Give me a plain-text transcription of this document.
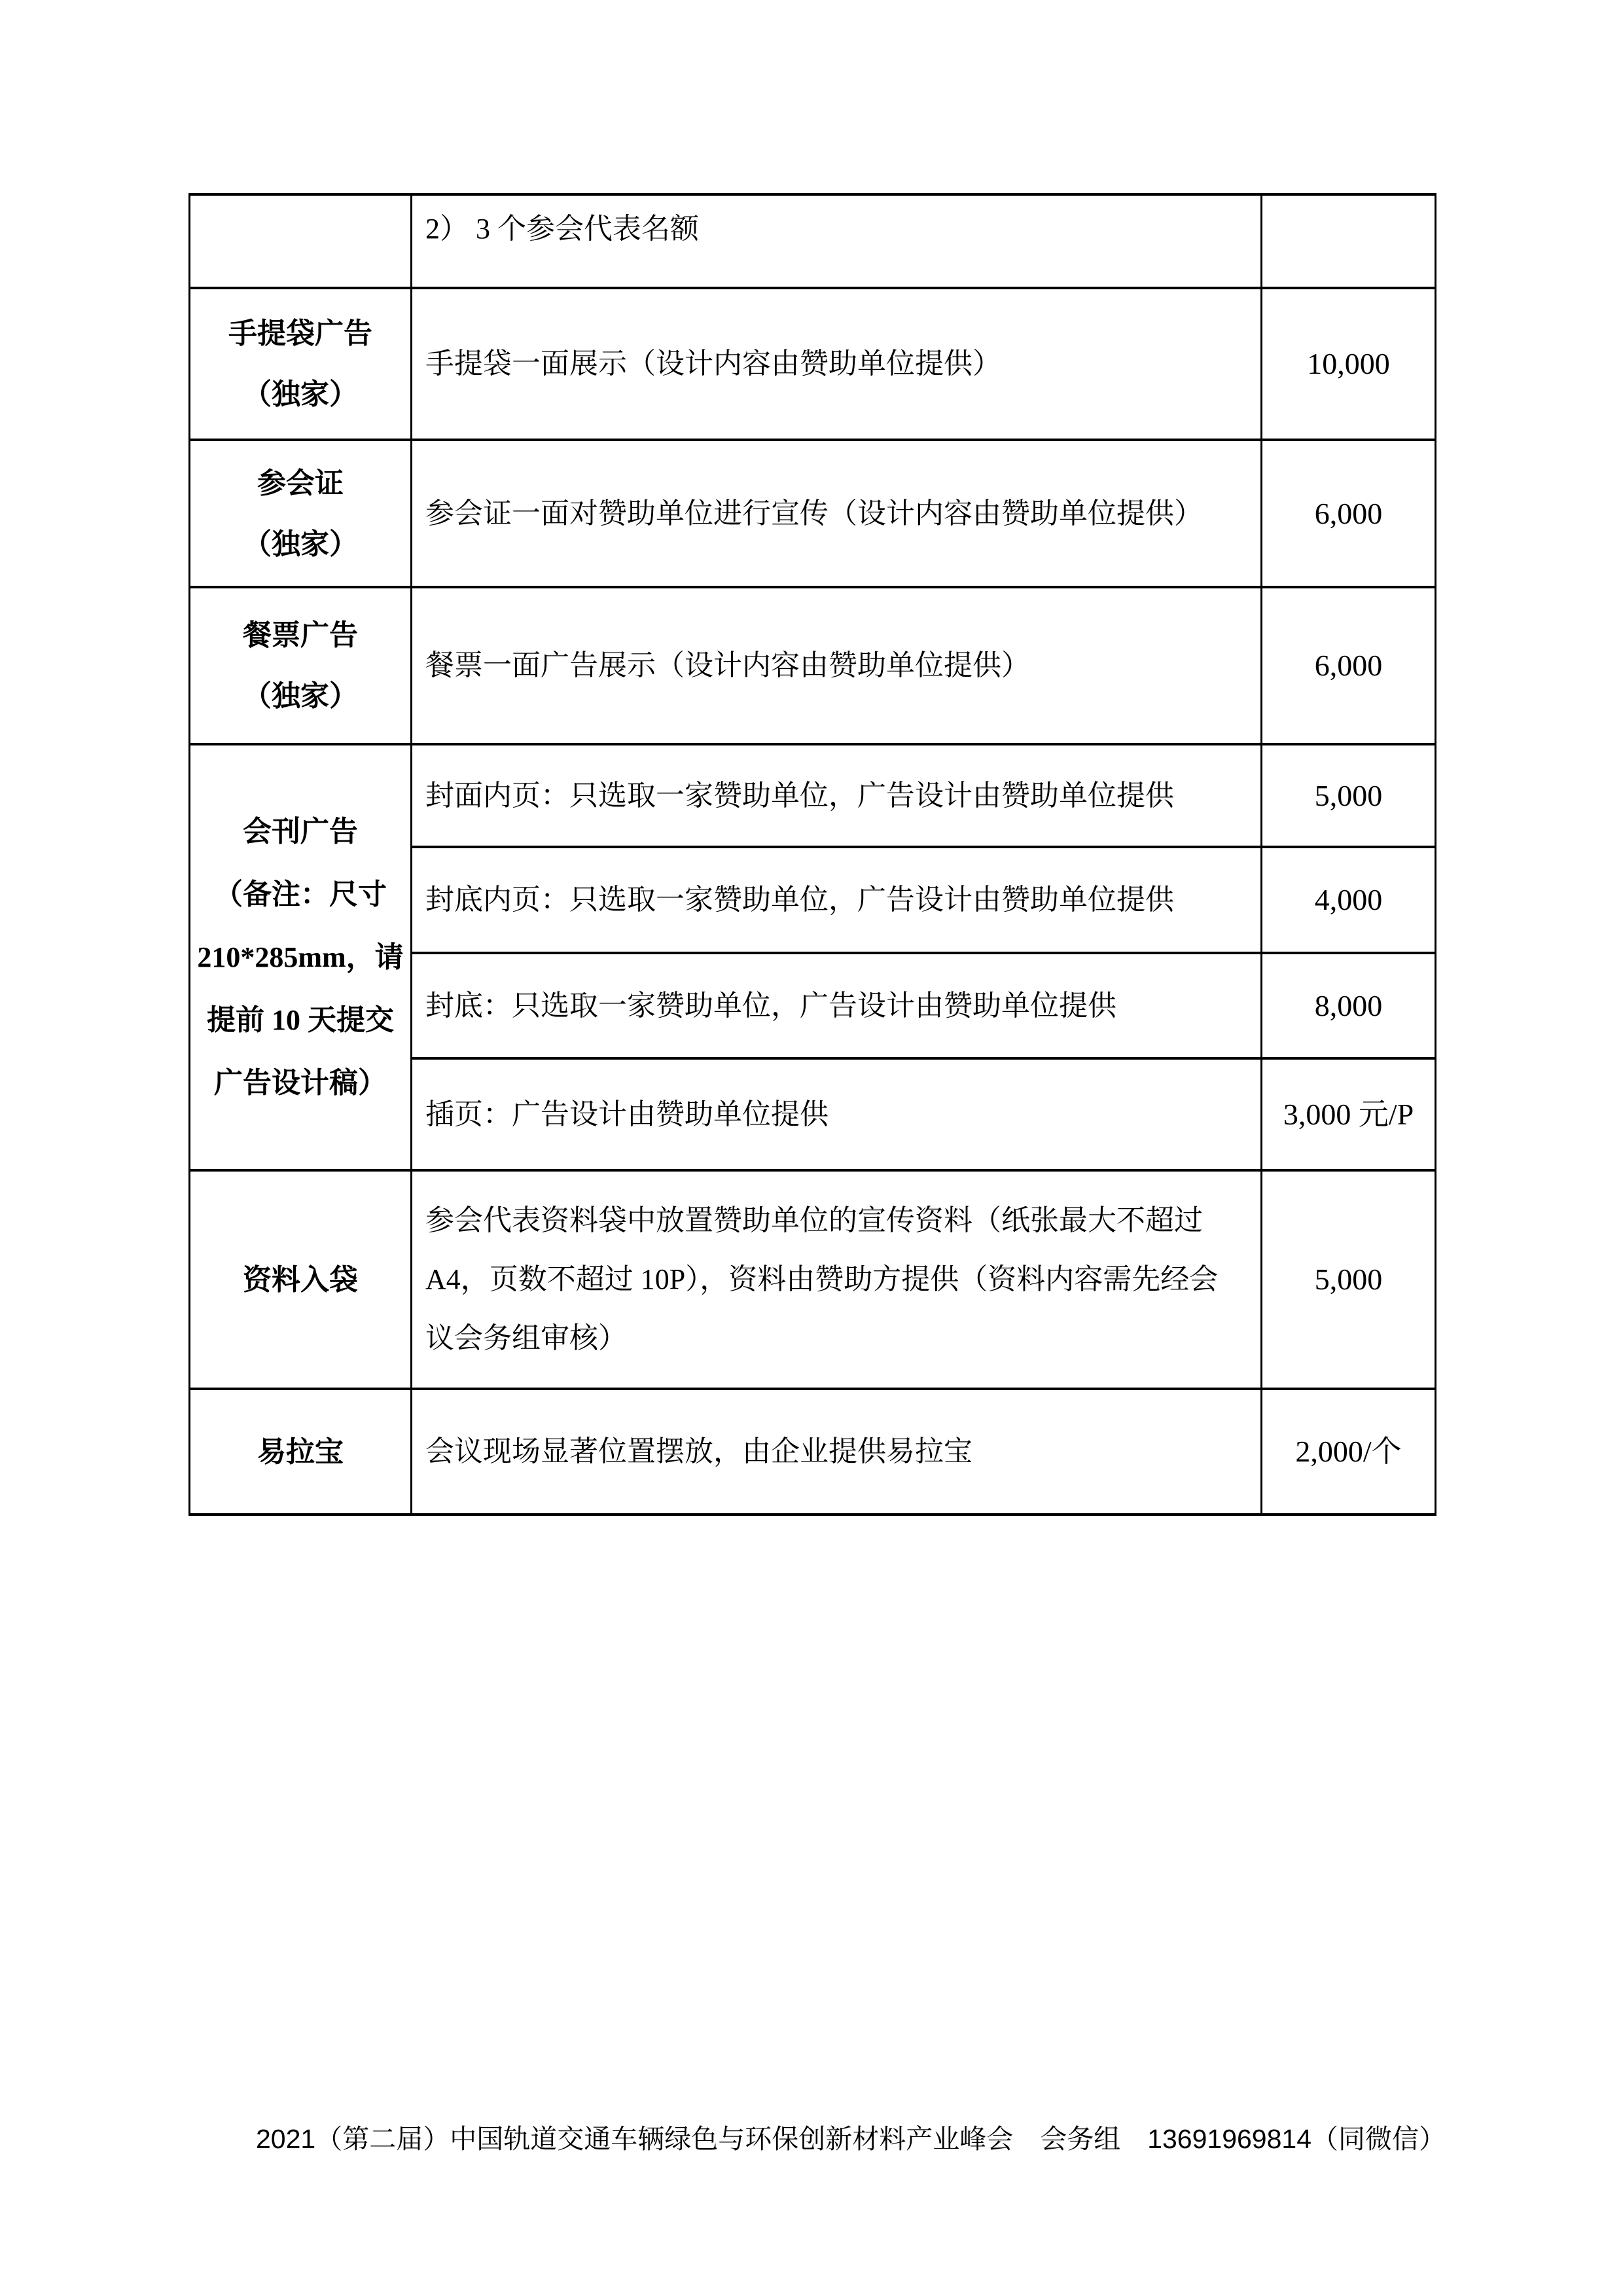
	2） 3 个参会代表名额	

手提袋广告
（独家）	手提袋一面展示（设计内容由赞助单位提供）	10,000

参会证
（独家）	参会证一面对赞助单位进行宣传（设计内容由赞助单位提供）	6,000

餐票广告
（独家）	餐票一面广告展示（设计内容由赞助单位提供）	6,000

会刊广告
（备注：尺寸
210*285mm，请
提前 10 天提交
广告设计稿）	封面内页：只选取一家赞助单位，广告设计由赞助单位提供	5,000
	封底内页：只选取一家赞助单位，广告设计由赞助单位提供	4,000
	封底：只选取一家赞助单位，广告设计由赞助单位提供	8,000
	插页：广告设计由赞助单位提供	3,000 元/P

资料入袋	参会代表资料袋中放置赞助单位的宣传资料（纸张最大不超过 A4，页数不超过 10P），资料由赞助方提供（资料内容需先经会议会务组审核）	5,000

易拉宝	会议现场显著位置摆放，由企业提供易拉宝	2,000/个
2021（第二届）中国轨道交通车辆绿色与环保创新材料产业峰会　会务组　13691969814（同微信）
